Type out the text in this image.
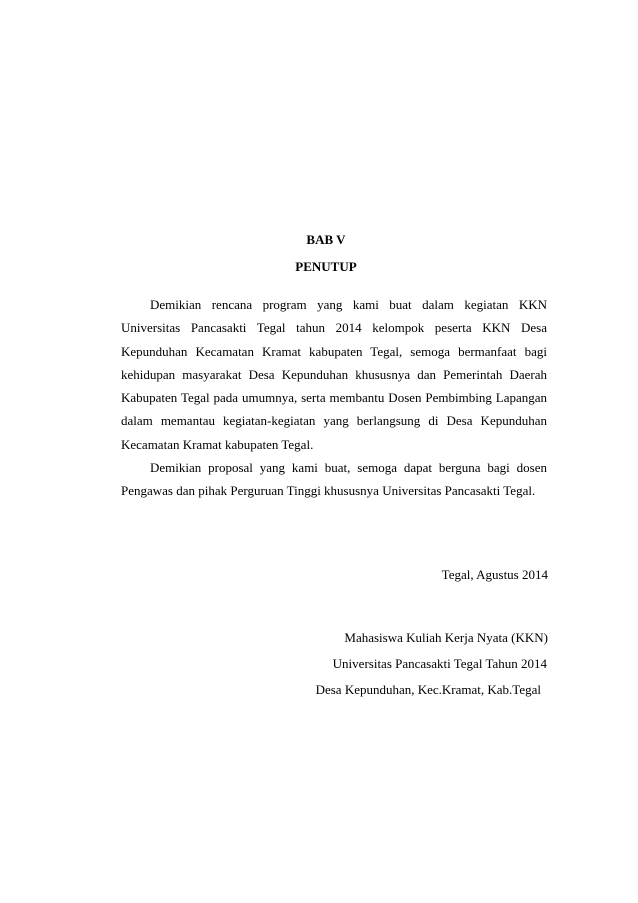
BAB V
PENUTUP

Demikian rencana program yang kami buat dalam kegiatan KKN Universitas Pancasakti Tegal tahun 2014 kelompok peserta KKN Desa Kepunduhan Kecamatan Kramat kabupaten Tegal, semoga bermanfaat bagi kehidupan masyarakat Desa Kepunduhan khususnya dan Pemerintah Daerah Kabupaten Tegal pada umumnya, serta membantu Dosen Pembimbing Lapangan dalam memantau kegiatan-kegiatan yang berlangsung di Desa Kepunduhan Kecamatan Kramat kabupaten Tegal.

Demikian proposal yang kami buat, semoga dapat berguna bagi dosen Pengawas dan pihak Perguruan Tinggi khususnya Universitas Pancasakti Tegal.

Tegal, Agustus 2014
Mahasiswa Kuliah Kerja Nyata (KKN)
Universitas Pancasakti Tegal Tahun 2014
Desa Kepunduhan, Kec.Kramat, Kab.Tegal
